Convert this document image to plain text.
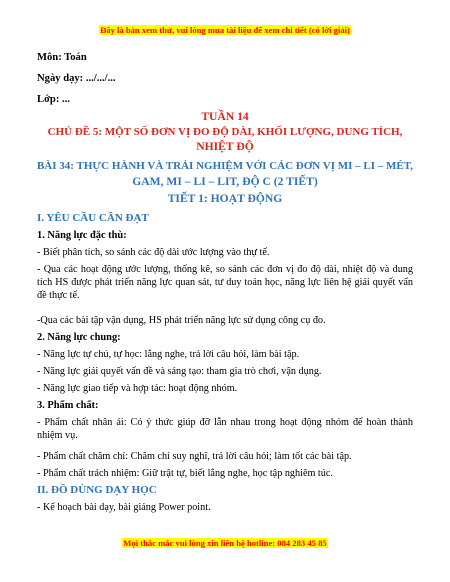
Đây là bản xem thử, vui lòng mua tài liệu để xem chi tiết (có lời giải)
Môn: Toán
Ngày dạy: .../.../...
Lớp: ...
TUẦN 14
CHỦ ĐỀ 5: MỘT SỐ ĐƠN VỊ ĐO ĐỘ DÀI, KHỐI LƯỢNG, DUNG TÍCH,
NHIỆT ĐỘ
BÀI 34: THỰC HÀNH VÀ TRẢI NGHIỆM VỚI CÁC ĐƠN VỊ MI – LI – MÉT,
GAM, MI – LI – LIT, ĐỘ C (2 TIẾT)
TIẾT 1: HOẠT ĐỘNG
I. YÊU CẦU CẦN ĐẠT
1. Năng lực đặc thù:
- Biết phân tích, so sánh các độ dài ước lượng vào thự tế.
- Qua các hoạt động ước lượng, thống kê, so sánh các đơn vị đo độ dài, nhiệt độ và dung tích HS được phát triển năng lực quan sát, tư duy toán học, năng lực liên hệ giải quyết vấn đề thực tế.
-Qua các bài tập vận dụng, HS phát triển năng lực sử dụng công cụ đo.
2. Năng lực chung:
- Năng lực tự chủ, tự học: lắng nghe, trả lời câu hỏi, làm bài tập.
- Năng lực giải quyết vấn đề và sáng tạo: tham gia trò chơi, vận dụng.
- Năng lực giao tiếp và hợp tác: hoạt động nhóm.
3. Phẩm chất:
- Phẩm chất nhân ái: Có ý thức giúp đỡ lẫn nhau trong hoạt động nhóm để hoàn thành nhiệm vụ.
- Phẩm chất chăm chỉ: Chăm chỉ suy nghĩ, trả lời câu hỏi; làm tốt các bài tập.
- Phẩm chất trách nhiệm: Giữ trật tự, biết lắng nghe, học tập nghiêm túc.
II. ĐỒ DÙNG DẠY HỌC
- Kế hoạch bài dạy, bài giảng Power point.
Mọi thắc mắc vui lòng xin liên hệ hotline: 084 283 45 85
